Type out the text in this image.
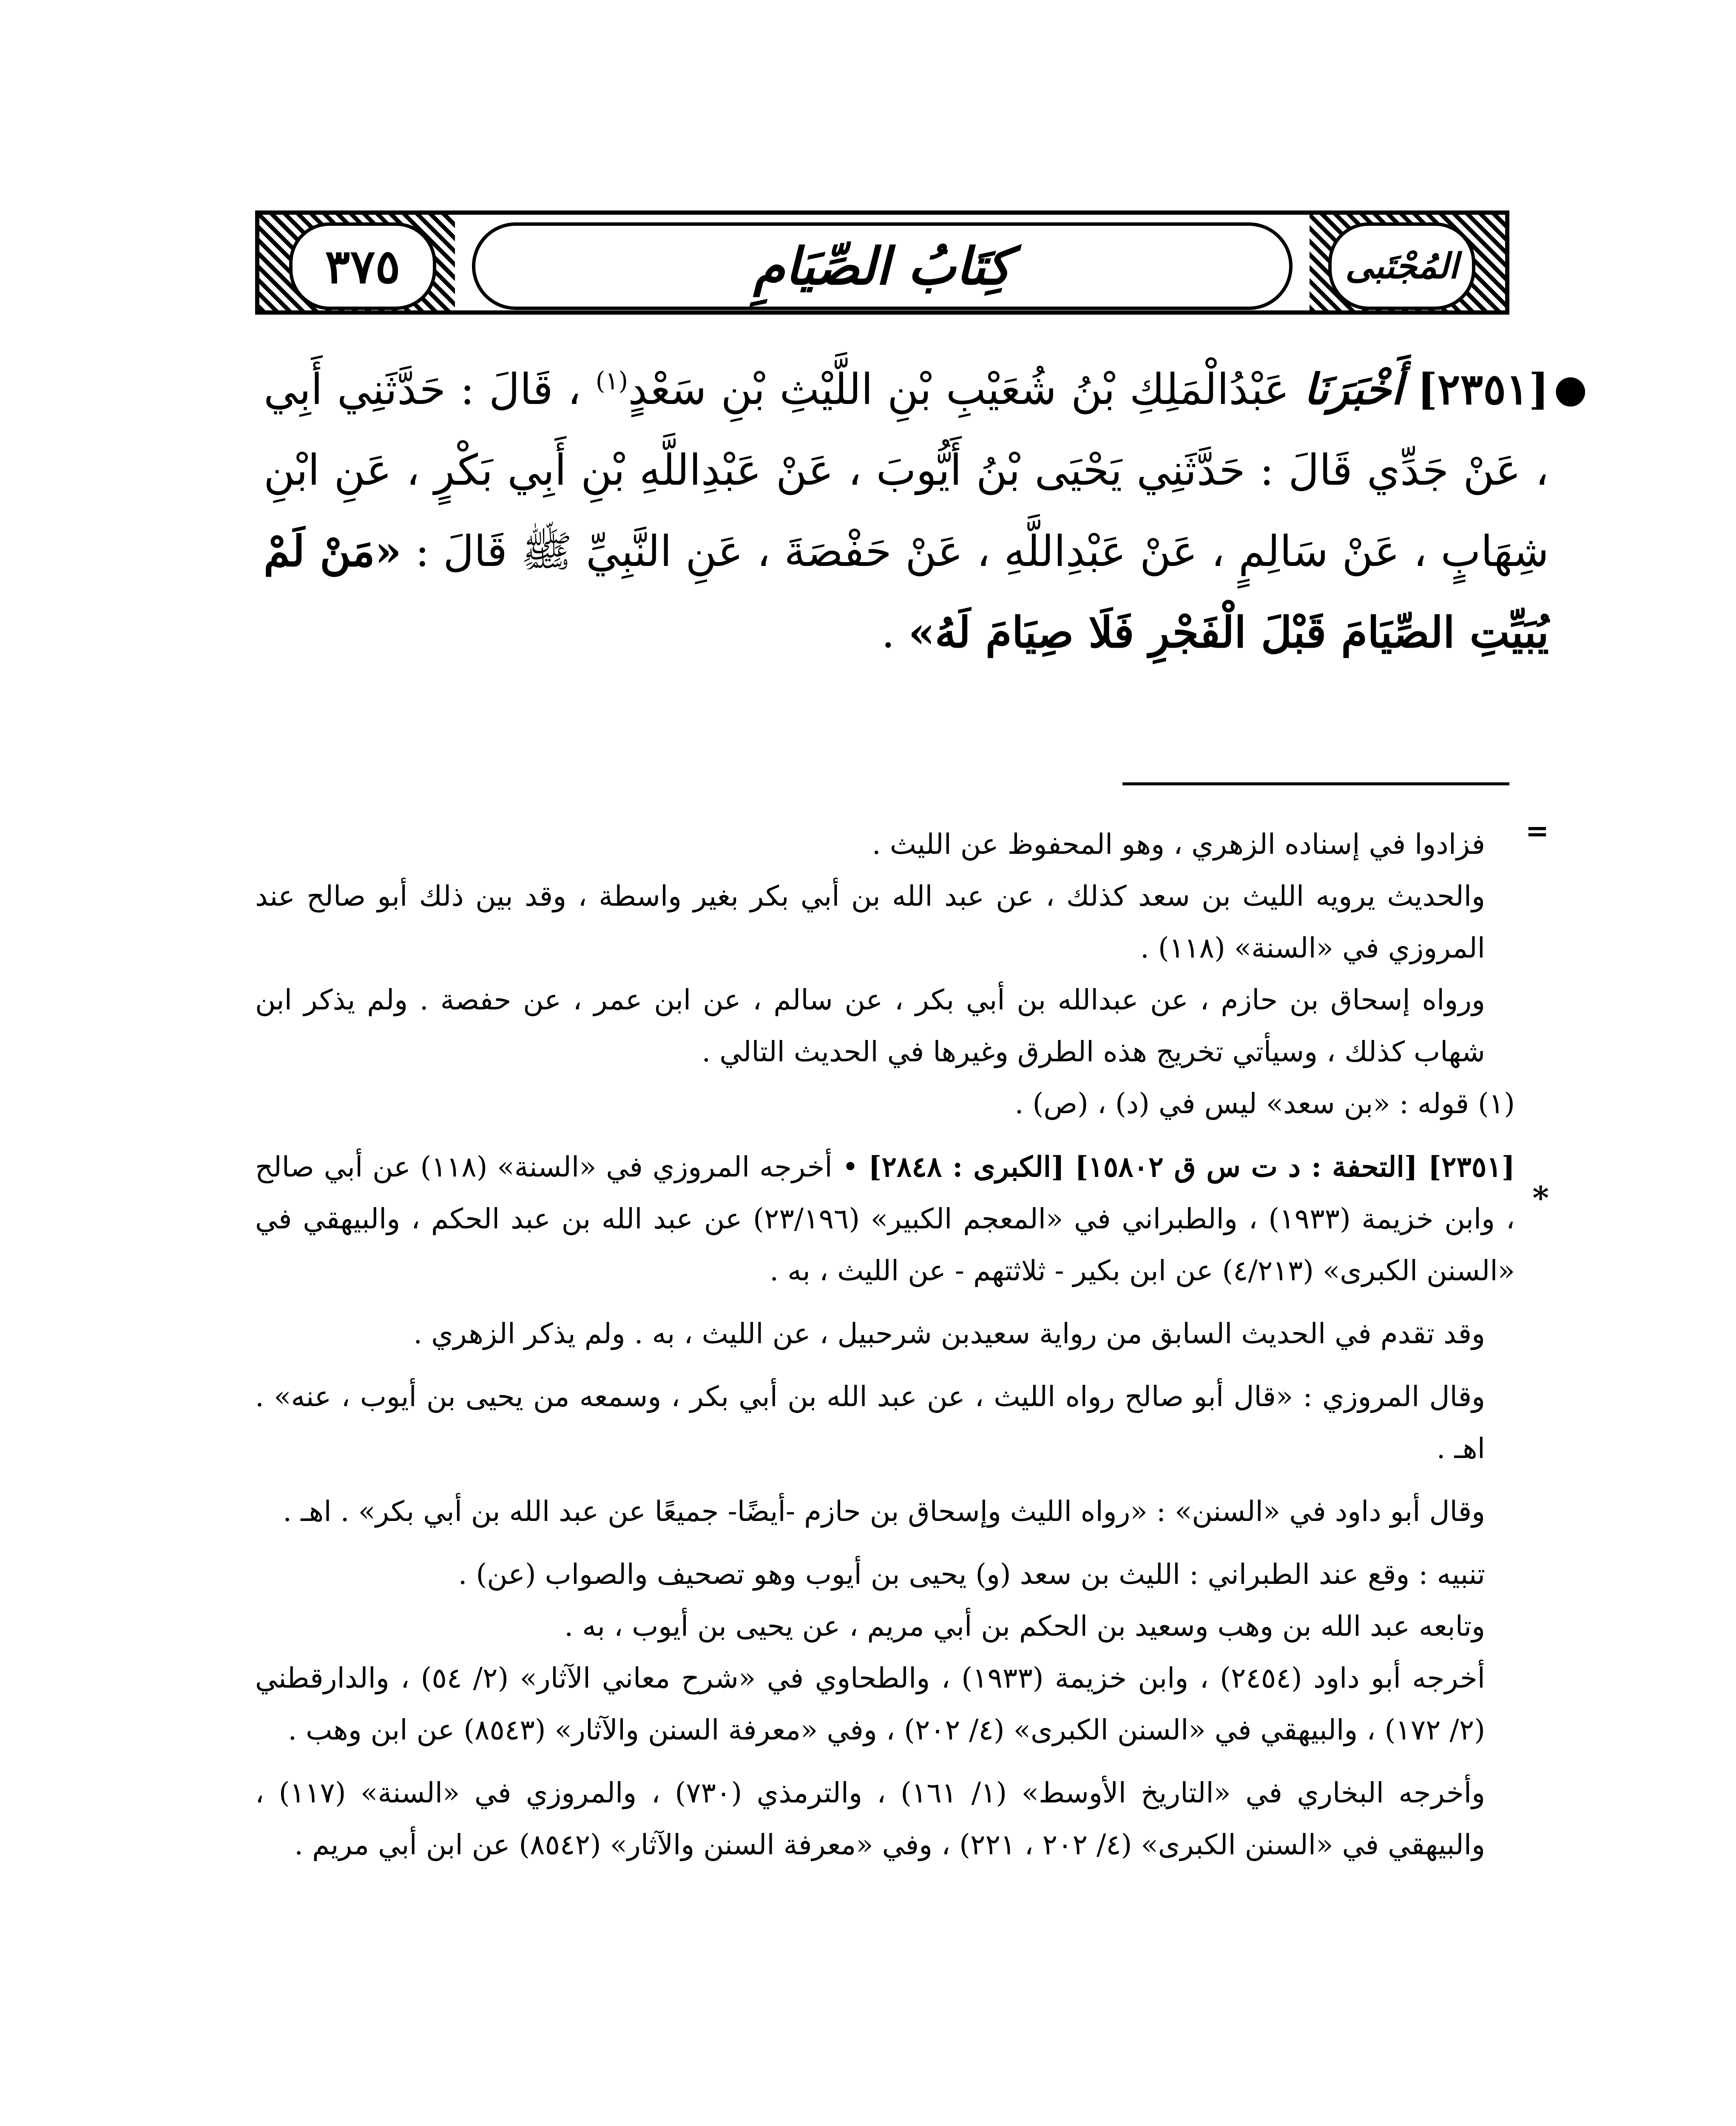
٣٧٥	كِتَابُ الصِّيَامِ	المُجْتَبى
●
[٢٣٥١] أَخْبَرَنَا عَبْدُالْمَلِكِ بْنُ شُعَيْبِ بْنِ اللَّيْثِ بْنِ سَعْدٍ$^{(١)}$ ، قَالَ : حَدَّثَنِي أَبِي ، عَنْ جَدِّي قَالَ : حَدَّثَنِي يَحْيَى بْنُ أَيُّوبَ ، عَنْ عَبْدِاللَّهِ بْنِ أَبِي بَكْرٍ ، عَنِ ابْنِ شِهَابٍ ، عَنْ سَالِمٍ ، عَنْ عَبْدِاللَّهِ ، عَنْ حَفْصَةَ ، عَنِ النَّبِيِّ ﷺ قَالَ : «مَنْ لَمْ يُبَيِّتِ الصِّيَامَ قَبْلَ الْفَجْرِ فَلَا صِيَامَ لَهُ» .
=
*

فزادوا في إسناده الزهري ، وهو المحفوظ عن الليث .

والحديث يرويه الليث بن سعد كذلك ، عن عبد الله بن أبي بكر بغير واسطة ، وقد بين ذلك أبو صالح عند المروزي في «السنة» (١١٨) .

ورواه إسحاق بن حازم ، عن عبدالله بن أبي بكر ، عن سالم ، عن ابن عمر ، عن حفصة . ولم يذكر ابن شهاب كذلك ، وسيأتي تخريج هذه الطرق وغيرها في الحديث التالي .

(١) قوله : «بن سعد» ليس في (د) ، (ص) .

[٢٣٥١] [التحفة : د ت س ق ١٥٨٠٢] [الكبرى : ٢٨٤٨] • أخرجه المروزي في «السنة» (١١٨) عن أبي صالح ، وابن خزيمة (١٩٣٣) ، والطبراني في «المعجم الكبير» (٢٣/١٩٦) عن عبد الله بن عبد الحكم ، والبيهقي في «السنن الكبرى» (٤/٢١٣) عن ابن بكير - ثلاثتهم - عن الليث ، به .

وقد تقدم في الحديث السابق من رواية سعيدبن شرحبيل ، عن الليث ، به . ولم يذكر الزهري .

وقال المروزي : «قال أبو صالح رواه الليث ، عن عبد الله بن أبي بكر ، وسمعه من يحيى بن أيوب ، عنه» . اهـ .

وقال أبو داود في «السنن» : «رواه الليث وإسحاق بن حازم -أيضًا- جميعًا عن عبد الله بن أبي بكر» . اهـ .

تنبيه : وقع عند الطبراني : الليث بن سعد (و) يحيى بن أيوب وهو تصحيف والصواب (عن) .

وتابعه عبد الله بن وهب وسعيد بن الحكم بن أبي مريم ، عن يحيى بن أيوب ، به .

أخرجه أبو داود (٢٤٥٤) ، وابن خزيمة (١٩٣٣) ، والطحاوي في «شرح معاني الآثار» (٢/ ٥٤) ، والدارقطني (٢/ ١٧٢) ، والبيهقي في «السنن الكبرى» (٤/ ٢٠٢) ، وفي «معرفة السنن والآثار» (٨٥٤٣) عن ابن وهب .

وأخرجه البخاري في «التاريخ الأوسط» (١/ ١٦١) ، والترمذي (٧٣٠) ، والمروزي في «السنة» (١١٧) ، والبيهقي في «السنن الكبرى» (٤/ ٢٠٢ ، ٢٢١) ، وفي «معرفة السنن والآثار» (٨٥٤٢) عن ابن أبي مريم .
